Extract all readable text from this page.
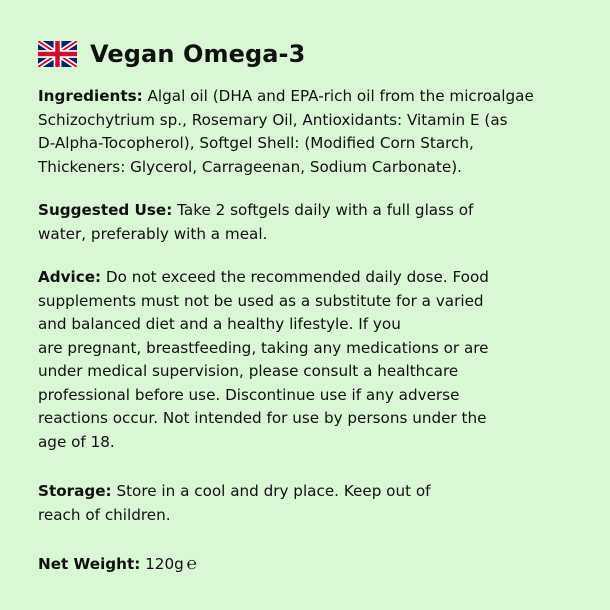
Vegan Omega-3
Ingredients: Algal oil (DHA and EPA-rich oil from the microalgae
Schizochytrium sp., Rosemary Oil, Antioxidants: Vitamin E (as
D-Alpha-Tocopherol), Softgel Shell: (Modified Corn Starch,
Thickeners: Glycerol, Carrageenan, Sodium Carbonate).
Suggested Use: Take 2 softgels daily with a full glass of
water, preferably with a meal.
Advice: Do not exceed the recommended daily dose. Food
supplements must not be used as a substitute for a varied
and balanced diet and a healthy lifestyle. If you
are pregnant, breastfeeding, taking any medications or are
under medical supervision, please consult a healthcare
professional before use. Discontinue use if any adverse
reactions occur. Not intended for use by persons under the
age of 18.
Storage: Store in a cool and dry place. Keep out of
reach of children.
Net Weight: 120g ℮
